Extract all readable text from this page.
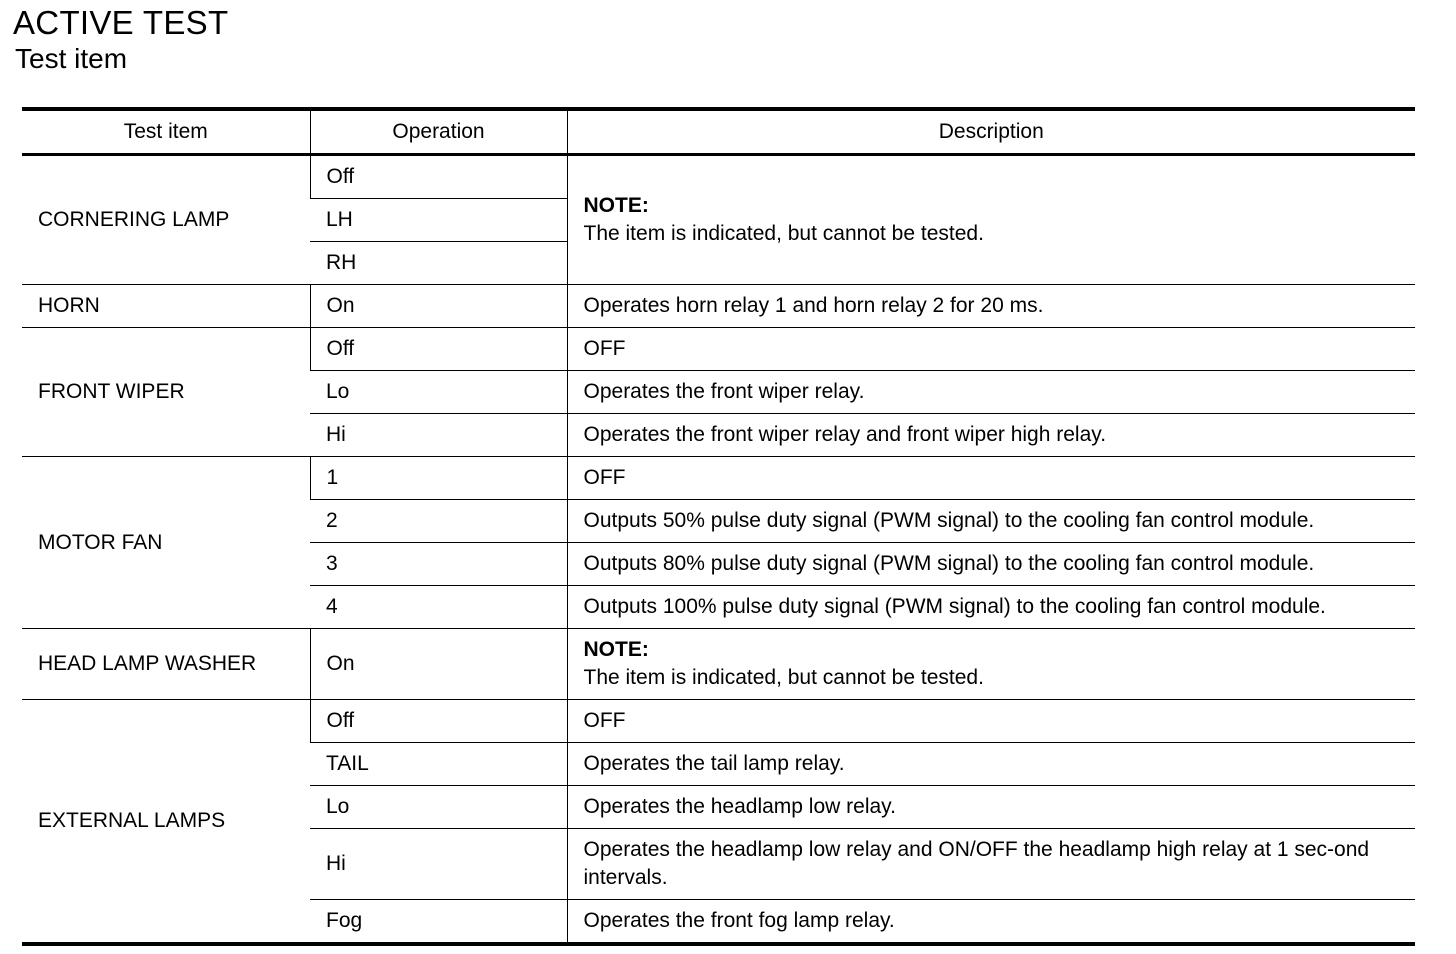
ACTIVE TEST
Test item
Test item	Operation	Description
CORNERING LAMP	Off	NOTE:
The item is indicated, but cannot be tested.

	LH	
	RH	
HORN	On	Operates horn relay 1 and horn relay 2 for 20 ms.
FRONT WIPER	Off	OFF
	Lo	Operates the front wiper relay.
	Hi	Operates the front wiper relay and front wiper high relay.
MOTOR FAN	1	OFF
	2	Outputs 50% pulse duty signal (PWM signal) to the cooling fan control module.
	3	Outputs 80% pulse duty signal (PWM signal) to the cooling fan control module.
	4	Outputs 100% pulse duty signal (PWM signal) to the cooling fan control module.
HEAD LAMP WASHER	On	NOTE:
The item is indicated, but cannot be tested.

EXTERNAL LAMPS	Off	OFF
	TAIL	Operates the tail lamp relay.
	Lo	Operates the headlamp low relay.
	Hi	Operates the headlamp low relay and ON/OFF the headlamp high relay at 1 sec-ond intervals.
	Fog	Operates the front fog lamp relay.
